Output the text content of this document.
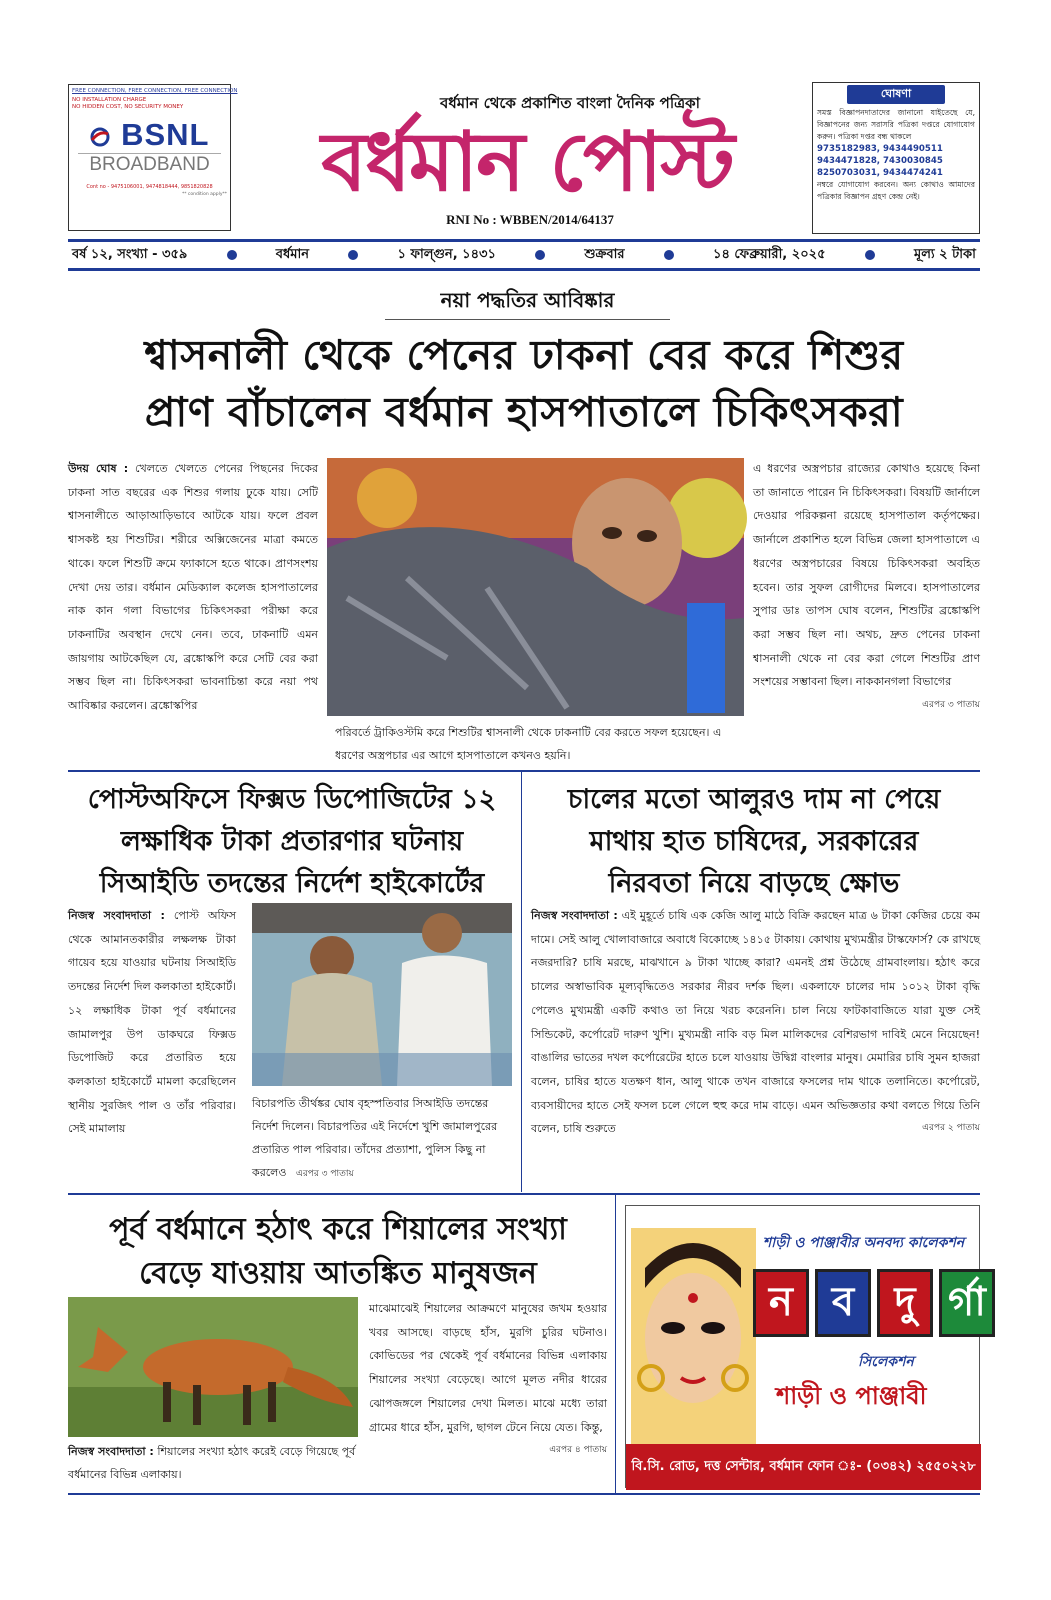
FREE CONNECTION, FREE CONNECTION, FREE CONNECTION
NO INSTALLATION CHARGE
NO HIDDEN COST, NO SECURITY MONEY
BSNL
BROADBAND
Cont no - 9475106001, 9474818444, 9851820828
** condition apply**
বর্ধমান থেকে প্রকাশিত বাংলা দৈনিক পত্রিকা
বর্ধমান পোস্ট
RNI No : WBBEN/2014/64137
ঘোষণা
সমস্ত বিজ্ঞাপনদাতাদের জানানো যাইতেছে যে, বিজ্ঞাপনের জন্য সরাসরি পত্রিকা দপ্তরে যোগাযোগ করুন। পত্রিকা দপ্তর বন্ধ থাকলে
9735182983, 9434490511
9434471828, 7430030845
8250703031, 9434474241
নম্বরে যোগাযোগ করবেন। অন্য কোথাও আমাদের পত্রিকার বিজ্ঞাপন গ্রহণ কেন্দ্র নেই।
বর্ষ ১২, সংখ্যা - ৩৫৯	বর্ধমান	১ ফাল্গুন, ১৪৩১	শুক্রবার	১৪ ফেব্রুয়ারী, ২০২৫	মূল্য ২ টাকা
নয়া পদ্ধতির আবিষ্কার
শ্বাসনালী থেকে পেনের ঢাকনা বের করে শিশুর
প্রাণ বাঁচালেন বর্ধমান হাসপাতালে চিকিৎসকরা
উদয় ঘোষ : খেলতে খেলতে পেনের পিছনের দিকের ঢাকনা সাত বছরের এক শিশুর গলায় ঢুকে যায়। সেটি শ্বাসনালীতে আড়াআড়িভাবে আটকে যায়। ফলে প্রবল শ্বাসকষ্ট হয় শিশুটির। শরীরে অক্সিজেনের মাত্রা কমতে থাকে। ফলে শিশুটি ক্রমে ফ্যাকাসে হতে থাকে। প্রাণসংশয় দেখা দেয় তার। বর্ধমান মেডিক্যাল কলেজ হাসপাতালের নাক কান গলা বিভাগের চিকিৎসকরা পরীক্ষা করে ঢাকনাটির অবস্থান দেখে নেন। তবে, ঢাকনাটি এমন জায়গায় আটকেছিল যে, ব্রঙ্কোস্কপি করে সেটি বের করা সম্ভব ছিল না। চিকিৎসকরা ভাবনাচিন্তা করে নয়া পথ আবিষ্কার করলেন। ব্রঙ্কোস্কপির
পরিবর্তে ট্রাকিওস্টমি করে শিশুটির শ্বাসনালী থেকে ঢাকনাটি বের করতে সফল হয়েছেন। এ ধরণের অস্ত্রপচার এর আগে হাসপাতালে কখনও হয়নি।
এ ধরণের অস্ত্রপচার রাজ্যের কোথাও হয়েছে কিনা তা জানাতে পারেন নি চিকিৎসকরা। বিষয়টি জার্নালে দেওয়ার পরিকল্পনা রয়েছে হাসপাতাল কর্তৃপক্ষের। জার্নালে প্রকাশিত হলে বিভিন্ন জেলা হাসপাতালে এ ধরণের অস্ত্রপচারের বিষয়ে চিকিৎসকরা অবহিত হবেন। তার সুফল রোগীদের মিলবে। হাসপাতালের সুপার ডাঃ তাপস ঘোষ বলেন, শিশুটির ব্রঙ্কোস্কপি করা সম্ভব ছিল না। অথচ, দ্রুত পেনের ঢাকনা শ্বাসনালী থেকে না বের করা গেলে শিশুটির প্রাণ সংশয়ের সম্ভাবনা ছিল। নাককানগলা বিভাগের
এরপর ৩ পাতায়
পোস্টঅফিসে ফিক্সড ডিপোজিটের ১২
লক্ষাধিক টাকা প্রতারণার ঘটনায়
সিআইডি তদন্তের নির্দেশ হাইকোর্টের
নিজস্ব সংবাদদাতা : পোস্ট অফিস থেকে আমানতকারীর লক্ষলক্ষ টাকা গায়েব হয়ে যাওয়ার ঘটনায় সিআইডি তদন্তের নির্দেশ দিল কলকাতা হাইকোর্ট। ১২ লক্ষাধিক টাকা পূর্ব বর্ধমানের জামালপুর উপ ডাকঘরে ফিক্সড ডিপোজিট করে প্রতারিত হয়ে কলকাতা হাইকোর্টে মামলা করেছিলেন স্থানীয় সুরজিৎ পাল ও তাঁর পরিবার। সেই মামালায়
বিচারপতি তীর্থঙ্কর ঘোষ বৃহস্পতিবার সিআইডি তদন্তের নির্দেশ দিলেন। বিচারপতির এই নির্দেশে খুশি জামালপুরের প্রতারিত পাল পরিবার। তাঁদের প্রত্যাশা, পুলিস কিছু না করলেও এরপর ৩ পাতায়
চালের মতো আলুরও দাম না পেয়ে
মাথায় হাত চাষিদের, সরকারের
নিরবতা নিয়ে বাড়ছে ক্ষোভ
নিজস্ব সংবাদদাতা : এই মুহূর্তে চাষি এক কেজি আলু মাঠে বিক্রি করছেন মাত্র ৬ টাকা কেজির চেয়ে কম দামে। সেই আলু খোলাবাজারে অবাধে বিকোচ্ছে ১৪১৫ টাকায়। কোথায় মুখ্যমন্ত্রীর টাস্কফোর্স? কে রাখছে নজরদারি? চাষি মরছে, মাঝখানে ৯ টাকা খাচ্ছে কারা? এমনই প্রশ্ন উঠেছে গ্রামবাংলায়। হঠাৎ করে চালের অস্বাভাবিক মূল্যবৃদ্ধিতেও সরকার নীরব দর্শক ছিল। একলাফে চালের দাম ১০১২ টাকা বৃদ্ধি পেলেও মুখ্যমন্ত্রী একটি কথাও তা নিয়ে খরচ করেননি। চাল নিয়ে ফাটকাবাজিতে যারা যুক্ত সেই সিন্ডিকেট, কর্পোরেট দারুণ খুশি। মুখ্যমন্ত্রী নাকি বড় মিল মালিকদের বেশিরভাগ দাবিই মেনে নিয়েছেন! বাঙালির ভাতের দখল কর্পোরেটের হাতে চলে যাওয়ায় উদ্বিগ্ন বাংলার মানুষ। মেমারির চাষি সুমন হাজরা বলেন, চাষির হাতে যতক্ষণ ধান, আলু থাকে তখন বাজারে ফসলের দাম থাকে তলানিতে। কর্পোরেট, ব্যবসায়ীদের হাতে সেই ফসল চলে গেলে হুহু করে দাম বাড়ে। এমন অভিজ্ঞতার কথা বলতে গিয়ে তিনি বলেন, চাষি শুরুতে	এরপর ২ পাতায়
পূর্ব বর্ধমানে হঠাৎ করে শিয়ালের সংখ্যা
বেড়ে যাওয়ায় আতঙ্কিত মানুষজন
নিজস্ব সংবাদদাতা : শিয়ালের সংখ্যা হঠাৎ করেই বেড়ে গিয়েছে পূর্ব বর্ধমানের বিভিন্ন এলাকায়।
মাঝেমাঝেই শিয়ালের আক্রমণে মানুষের জখম হওয়ার খবর আসছে। বাড়ছে হাঁস, মুরগি চুরির ঘটনাও। কোভিডের পর থেকেই পূর্ব বর্ধমানের বিভিন্ন এলাকায় শিয়ালের সংখ্যা বেড়েছে। আগে মূলত নদীর ধারের ঝোপজঙ্গলে শিয়ালের দেখা মিলত। মাঝে মধ্যে তারা গ্রামের ধারে হাঁস, মুরগি, ছাগল টেনে নিয়ে যেত। কিন্তু,
এরপর ৪ পাতায়
শাড়ী ও পাঞ্জাবীর অনবদ্য কালেকশন
ন ব দু র্গা
সিলেকশন
শাড়ী ও পাঞ্জাবী
বি.সি. রোড, দত্ত সেন্টার, বর্ধমান ফোন ঃ- (০৩৪২) ২৫৫০২২৮
